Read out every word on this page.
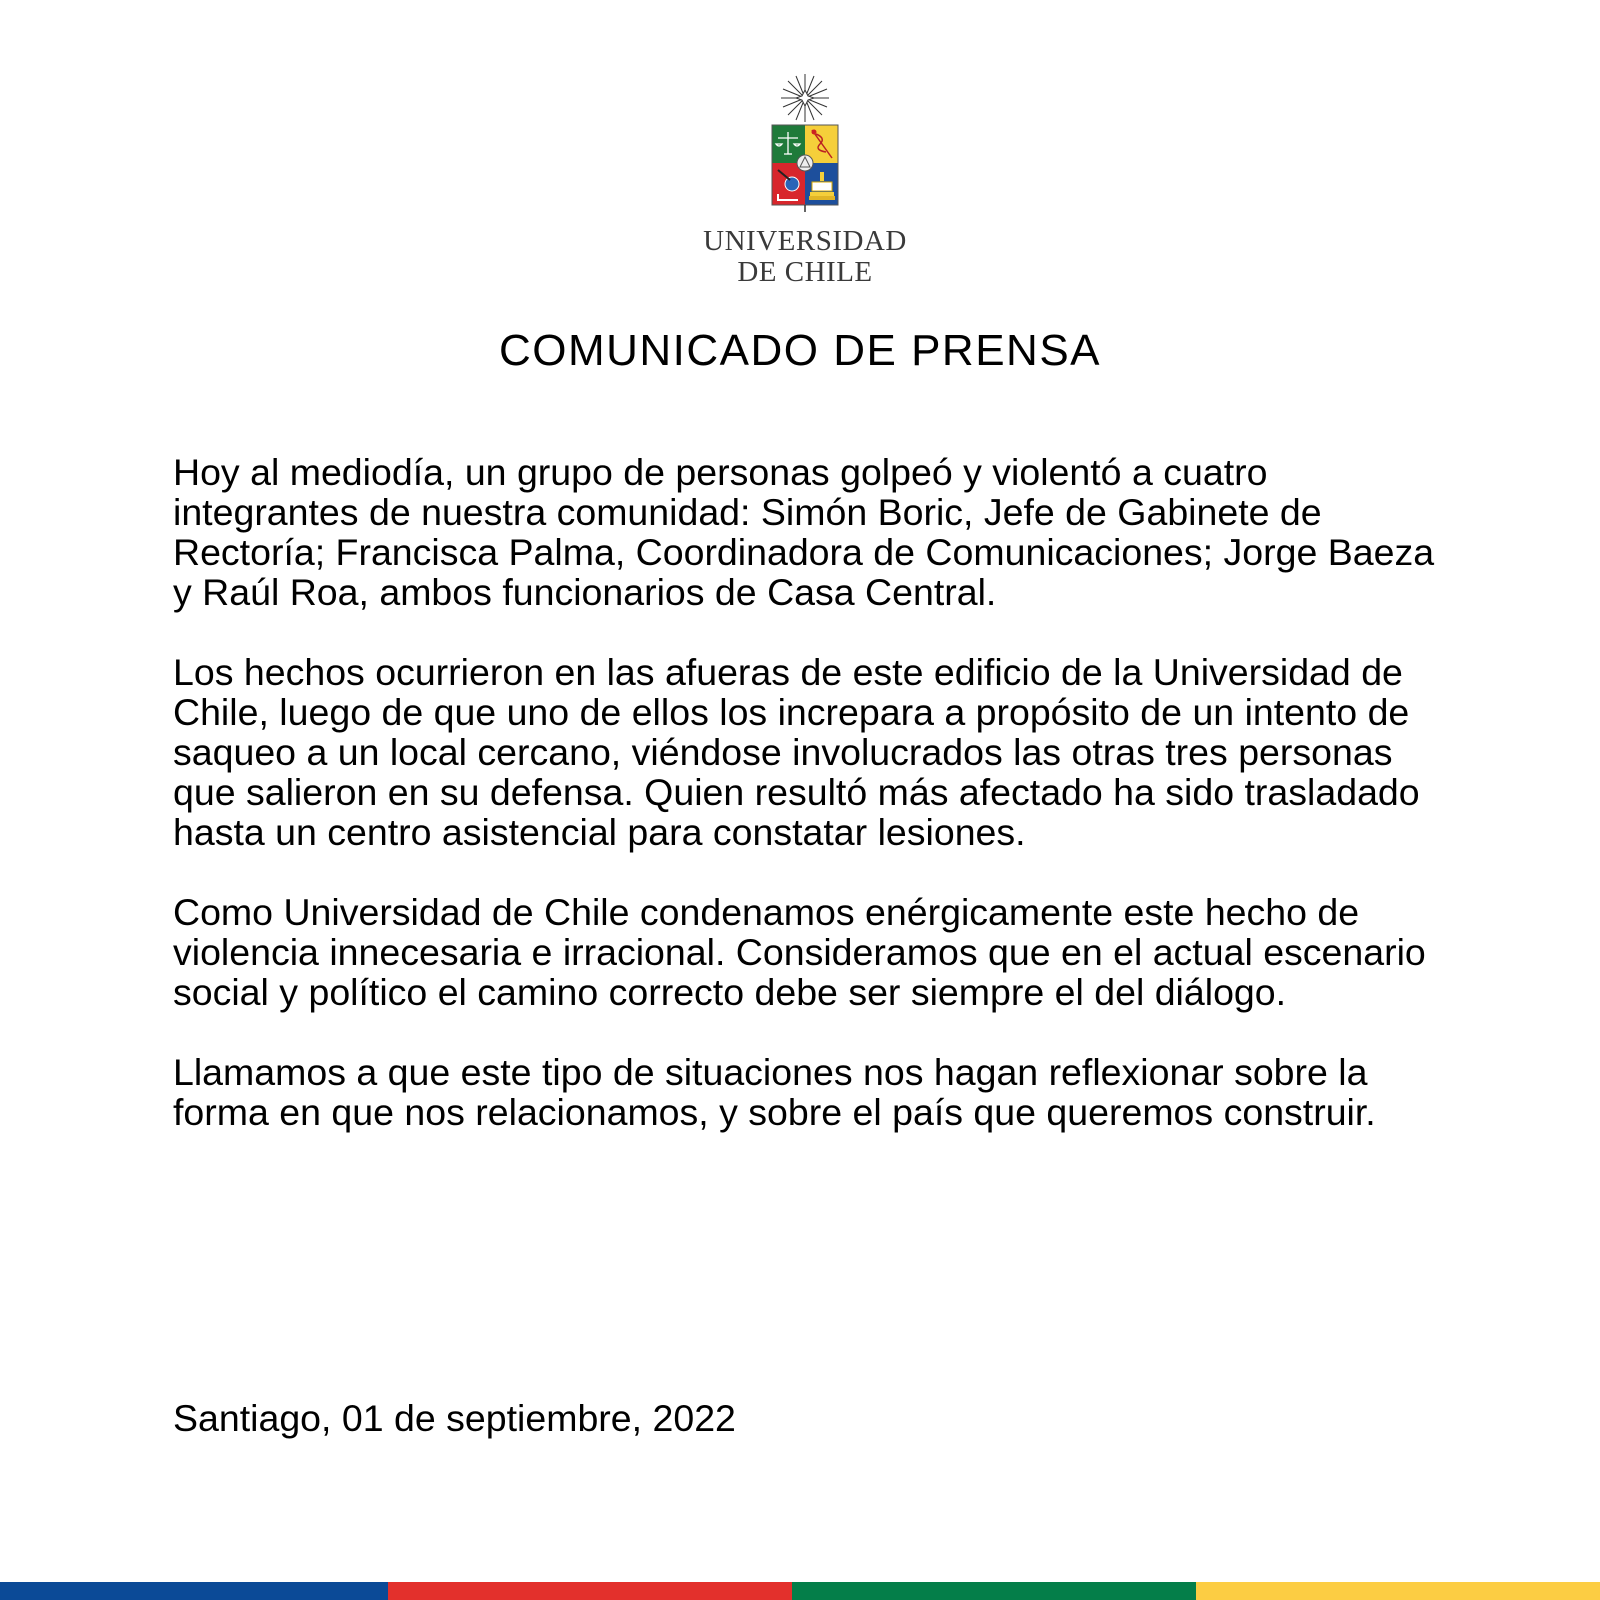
UNIVERSIDAD
DE CHILE
COMUNICADO DE PRENSA

Hoy al mediodía, un grupo de personas golpeó y violentó a cuatro integrantes de nuestra comunidad: Simón Boric, Jefe de Gabinete de Rectoría; Francisca Palma, Coordinadora de Comunicaciones; Jorge Baeza y Raúl Roa, ambos funcionarios de Casa Central.

Los hechos ocurrieron en las afueras de este edificio de la Universidad de Chile, luego de que uno de ellos los increpara a propósito de un intento de saqueo a un local cercano, viéndose involucrados las otras tres personas que salieron en su defensa. Quien resultó más afectado ha sido trasladado hasta un centro asistencial para constatar lesiones.

Como Universidad de Chile condenamos enérgicamente este hecho de violencia innecesaria e irracional. Consideramos que en el actual escenario social y político el camino correcto debe ser siempre el del diálogo.

Llamamos a que este tipo de situaciones nos hagan reflexionar sobre la forma en que nos relacionamos, y sobre el país que queremos construir.

Santiago, 01 de septiembre, 2022
